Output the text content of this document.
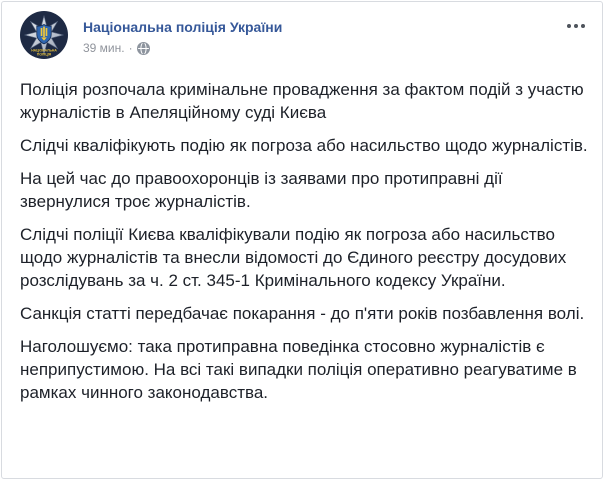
НАЦІОНАЛЬНА
ПОЛІЦІЯ
Національна поліція України
39 мин. ·

Поліція розпочала кримінальне провадження за фактом подій з участю журналістів в Апеляційному суді Києва

Слідчі кваліфікують подію як погроза або насильство щодо журналістів.

На цей час до правоохоронців із заявами про протиправні дії звернулися троє журналістів.

Слідчі поліції Києва кваліфікували подію як погроза або насильство щодо журналістів та внесли відомості до Єдиного реєстру досудових розслідувань за ч. 2 ст. 345-1 Кримінального кодексу України.

Санкція статті передбачає покарання - до п'яти років позбавлення волі.

Наголошуємо: така протиправна поведінка стосовно журналістів є неприпустимою. На всі такі випадки поліція оперативно реагуватиме в рамках чинного законодавства.
